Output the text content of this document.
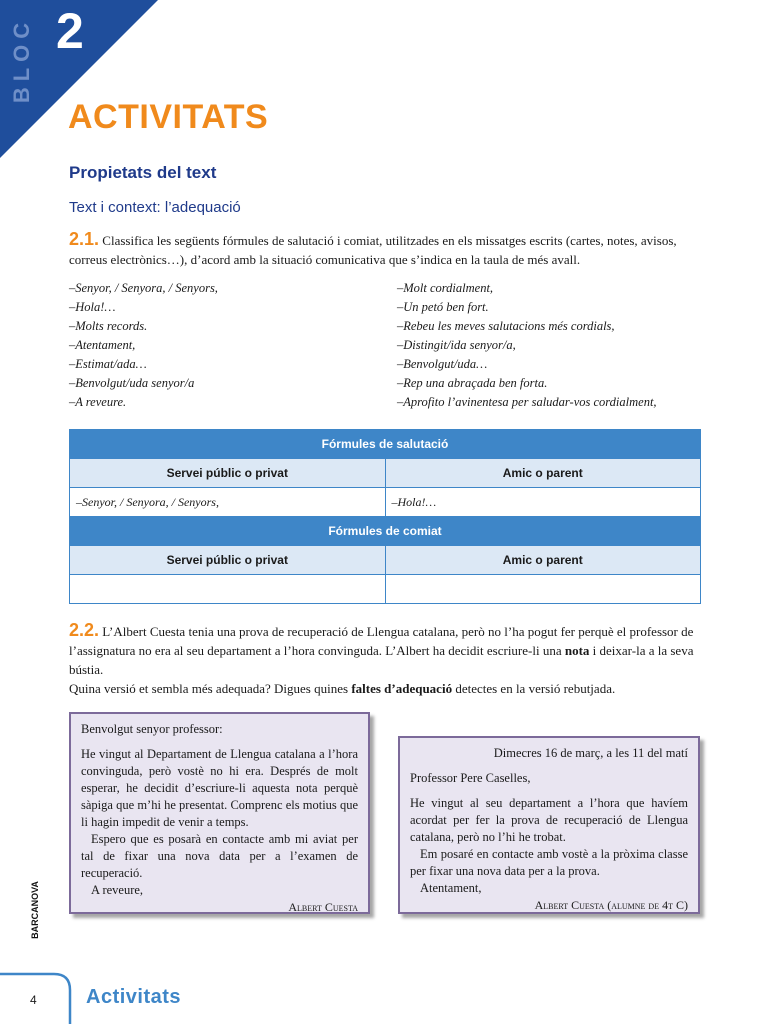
BLOC 2
ACTIVITATS
Propietats del text
Text i context: l’adequació
2.1. Classifica les següents fórmules de salutació i comiat, utilitzades en els missatges escrits (cartes, notes, avisos, correus electrònics…), d’acord amb la situació comunicativa que s’indica en la taula de més avall.
–Senyor, / Senyora, / Senyors,
–Hola!…
–Molts records.
–Atentament,
–Estimat/ada…
–Benvolgut/uda senyor/a
–A reveure.
–Molt cordialment,
–Un petó ben fort.
–Rebeu les meves salutacions més cordials,
–Distingit/ida senyor/a,
–Benvolgut/uda…
–Rep una abraçada ben forta.
–Aprofito l’avinentesa per saludar-vos cordialment,
Fórmules de salutació	
Servei públic o privat	Amic o parent
–Senyor, / Senyora, / Senyors,	–Hola!…
Fórmules de comiat	
Servei públic o privat	Amic o parent

2.2. L’Albert Cuesta tenia una prova de recuperació de Llengua catalana, però no l’ha pogut fer perquè el professor de l’assignatura no era al seu departament a l’hora convinguda. L’Albert ha decidit escriure-li una nota i deixar-la a la seva bústia.
Quina versió et sembla més adequada? Digues quines faltes d’adequació detectes en la versió rebutjada.

Benvolgut senyor professor:

He vingut al Departament de Llengua catalana a l’hora convinguda, però vostè no hi era. Després de molt esperar, he decidit d’escriure-li aquesta nota perquè sàpiga que m’hi he presentat. Comprenc els motius que li hagin impedit de venir a temps.

Espero que es posarà en contacte amb mi aviat per tal de fixar una nova data per a l’examen de recuperació.

A reveure,

Albert Cuesta

Dimecres 16 de març, a les 11 del matí

Professor Pere Caselles,

He vingut al seu departament a l’hora que havíem acordat per fer la prova de recuperació de Llengua catalana, però no l’hi he trobat.

Em posaré en contacte amb vostè a la pròxima classe per fixar una nova data per a la prova.

Atentament,

Albert Cuesta (alumne de 4t C)

BARCANOVA
4 Activitats
